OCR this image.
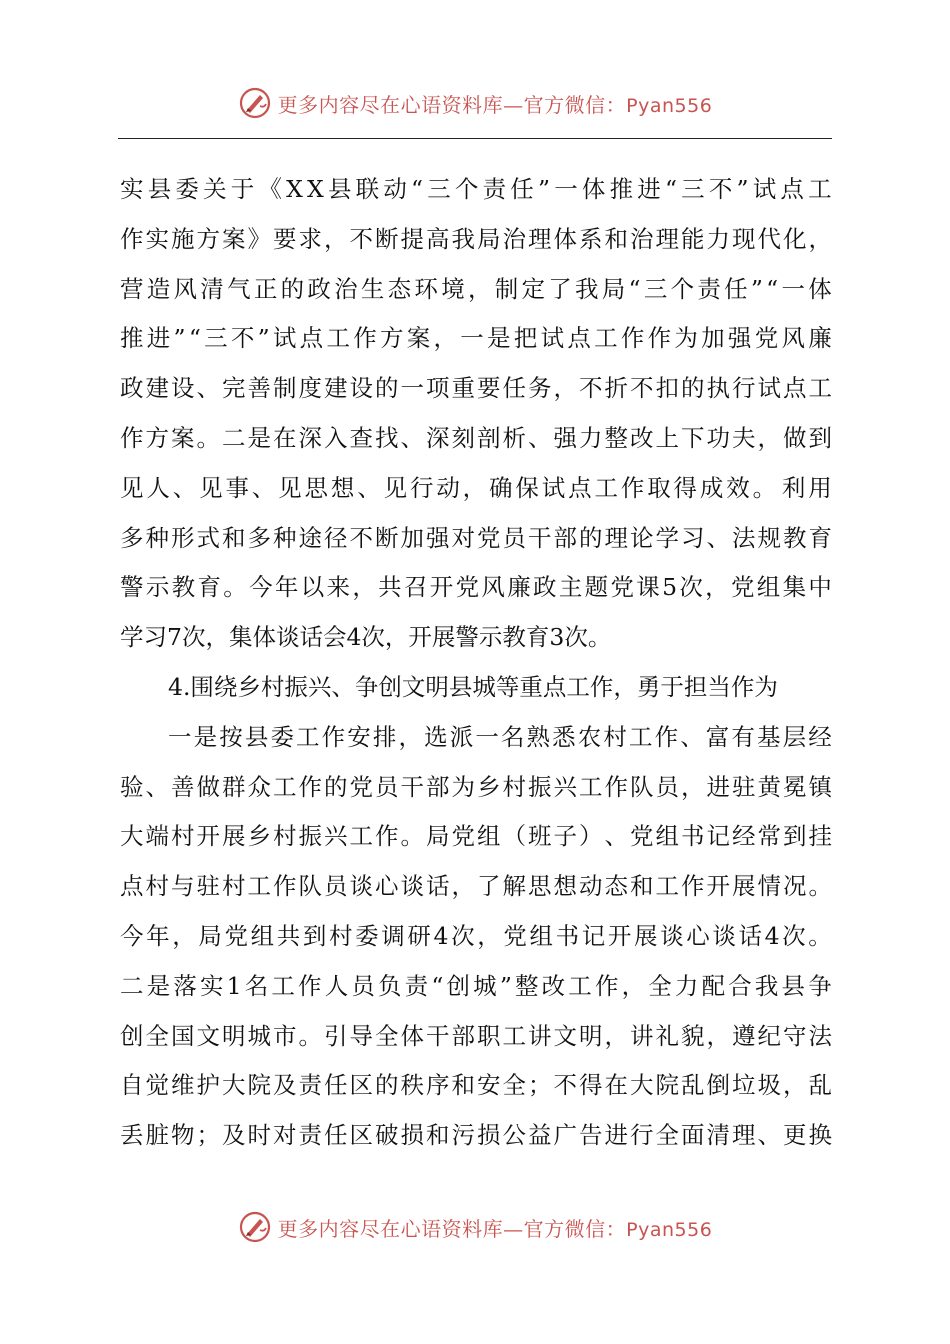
更多内容尽在心语资料库—官方微信：Pyan556
实 县 委 关 于 《 X X 县 联 动 “ 三 个 责 任 ” 一 体 推 进 “ 三 不 ” 试 点 工
作 实 施 方 案 》 要 求 ， 不 断 提 高 我 局 治 理 体 系 和 治 理 能 力 现 代 化 ，
营 造 风 清 气 正 的 政 治 生 态 环 境 ， 制 定 了 我 局 “ 三 个 责 任 ” “ 一 体
推 进 ” “ 三 不 ” 试 点 工 作 方 案 ， 一 是 把 试 点 工 作 作 为 加 强 党 风 廉
政 建 设 、 完 善 制 度 建 设 的 一 项 重 要 任 务 ， 不 折 不 扣 的 执 行 试 点 工
作 方 案 。 二 是 在 深 入 查 找 、 深 刻 剖 析 、 强 力 整 改 上 下 功 夫 ， 做 到
见 人 、 见 事 、 见 思 想 、 见 行 动 ， 确 保 试 点 工 作 取 得 成 效 。 利 用
多 种 形 式 和 多 种 途 径 不 断 加 强 对 党 员 干 部 的 理 论 学 习 、 法 规 教 育
警 示 教 育 。 今 年 以 来 ， 共 召 开 党 风 廉 政 主 题 党 课 5 次 ， 党 组 集 中
学习7次，集体谈话会4次，开展警示教育3次。
4.围绕乡村振兴、争创文明县城等重点工作，勇于担当作为
一 是 按 县 委 工 作 安 排 ， 选 派 一 名 熟 悉 农 村 工 作 、 富 有 基 层 经
验 、 善 做 群 众 工 作 的 党 员 干 部 为 乡 村 振 兴 工 作 队 员 ， 进 驻 黄 冕 镇
大 端 村 开 展 乡 村 振 兴 工 作 。 局 党 组 （ 班 子 ） 、 党 组 书 记 经 常 到 挂
点 村 与 驻 村 工 作 队 员 谈 心 谈 话 ， 了 解 思 想 动 态 和 工 作 开 展 情 况 。
今 年 ， 局 党 组 共 到 村 委 调 研 4 次 ， 党 组 书 记 开 展 谈 心 谈 话 4 次 。
二 是 落 实 1 名 工 作 人 员 负 责 “ 创 城 ” 整 改 工 作 ， 全 力 配 合 我 县 争
创 全 国 文 明 城 市 。 引 导 全 体 干 部 职 工 讲 文 明 ， 讲 礼 貌 ， 遵 纪 守 法
自 觉 维 护 大 院 及 责 任 区 的 秩 序 和 安 全 ； 不 得 在 大 院 乱 倒 垃 圾 ， 乱
丢 脏 物 ； 及 时 对 责 任 区 破 损 和 污 损 公 益 广 告 进 行 全 面 清 理 、 更 换
更多内容尽在心语资料库—官方微信：Pyan556
